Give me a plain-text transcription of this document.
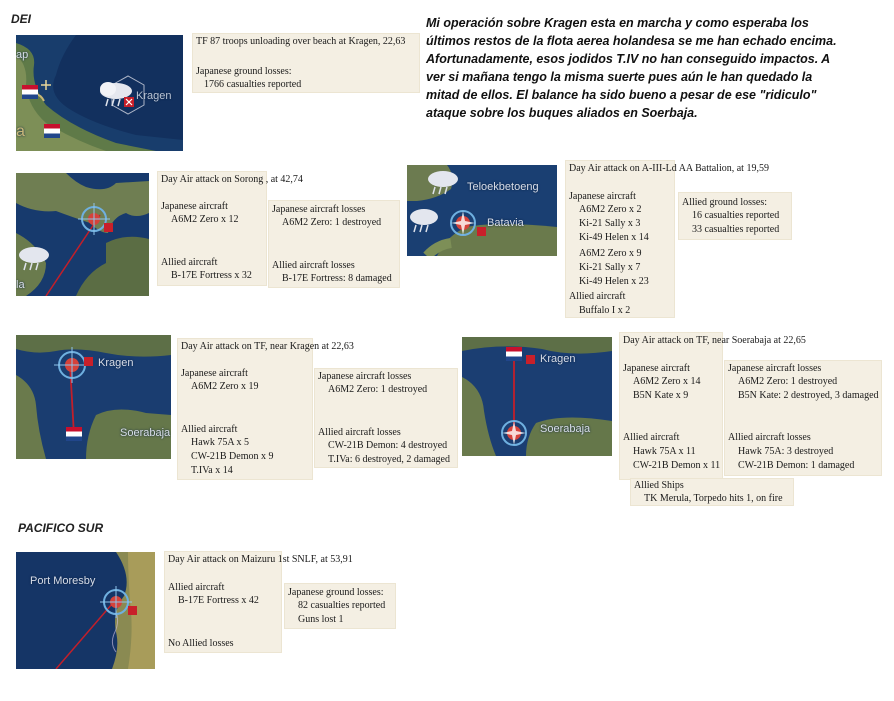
DEI
PACIFICO SUR
Mi operación sobre Kragen esta en marcha y como esperaba los
últimos restos de la flota aerea holandesa se me han echado encima.
Afortunadamente, esos jodidos T.IV no han conseguido impactos. A
ver si mañana tengo la misma suerte pues aún le han quedado la
mitad de ellos. El balance ha sido bueno a pesar de ese "ridiculo"
ataque sobre los buques aliados en Soerbaja.
ap
Kragen
a
TF 87 troops unloading over beach at Kragen, 22,63
Japanese ground losses:
1766 casualties reported
la
Day Air attack on Sorong , at 42,74
Japanese aircraft
A6M2 Zero x 12
Allied aircraft
B-17E Fortress x 32
Japanese aircraft losses
A6M2 Zero: 1 destroyed
Allied aircraft losses
B-17E Fortress: 8 damaged
Teloekbetoeng
Batavia
Day Air attack on A-III-Ld AA Battalion, at 19,59
Japanese aircraft
A6M2 Zero x 2
Ki-21 Sally x 3
Ki-49 Helen x 14
A6M2 Zero x 9
Ki-21 Sally x 7
Ki-49 Helen x 23
Allied aircraft
Buffalo I x 2
Allied ground losses:
16 casualties reported
33 casualties reported
Kragen
Soerabaja
Day Air attack on TF, near Kragen at 22,63
Japanese aircraft
A6M2 Zero x 19
Allied aircraft
Hawk 75A x 5
CW-21B Demon x 9
T.IVa x 14
Japanese aircraft losses
A6M2 Zero: 1 destroyed
Allied aircraft losses
CW-21B Demon: 4 destroyed
T.IVa: 6 destroyed, 2 damaged
Kragen
Soerabaja
Day Air attack on TF, near Soerabaja at 22,65
Japanese aircraft
A6M2 Zero x 14
B5N Kate x 9
Allied aircraft
Hawk 75A x 11
CW-21B Demon x 11
Japanese aircraft losses
A6M2 Zero: 1 destroyed
B5N Kate: 2 destroyed, 3 damaged
Allied aircraft losses
Hawk 75A: 3 destroyed
CW-21B Demon: 1 damaged
Allied Ships
TK Merula, Torpedo hits 1, on fire
Port Moresby
Day Air attack on Maizuru 1st SNLF, at 53,91
Allied aircraft
B-17E Fortress x 42
No Allied losses
Japanese ground losses:
82 casualties reported
Guns lost 1
